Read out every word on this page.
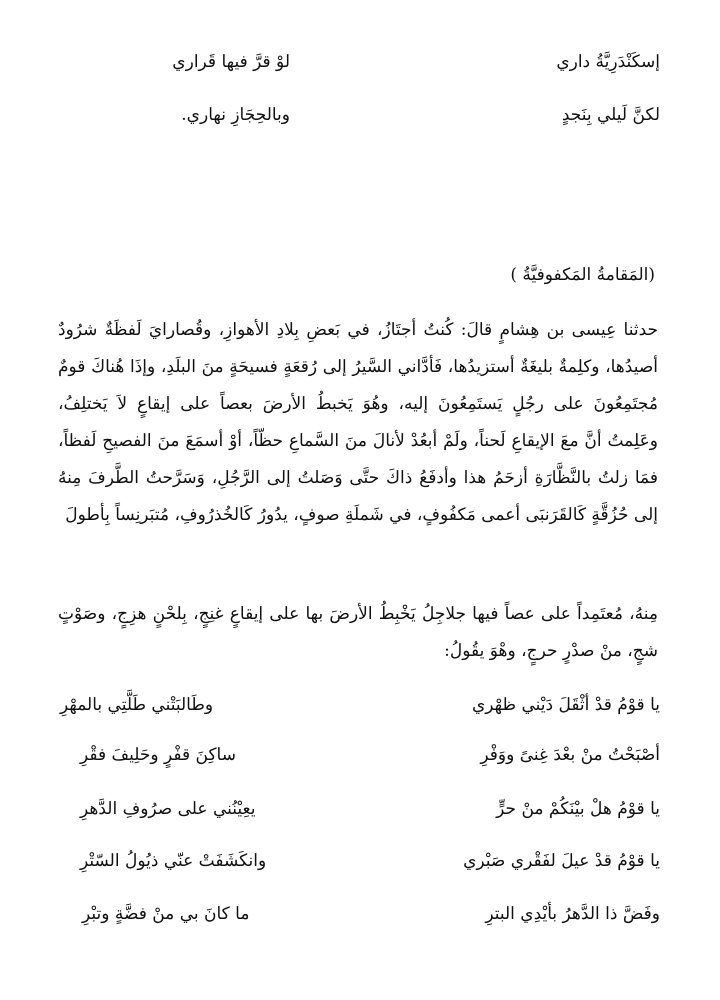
إسكَنْدَرِيَّةُ داري
لوْ قرَّ فيها قَراري
لكنَّ لَيلي بِنَجدٍ
وبالحِجَازِ نهاري.
(المَقامةُ المَكفوفيَّةُ )
حدثنا عِيسى بن هِشامٍ قالَ: كُنتُ أجتَازُ، في بَعضِ بِلادِ الأهوازِ، وقُصارايَ لَفظَةٌ شرُودٌ أصيدُها، وكلِمةٌ بليغَةٌ أستزيدُها، فَأدَّاني السَّيرُ إلى رُقعَةٍ فسيحَةٍ منَ البلَدِ، وإذَا هُناكَ قومٌ مُجتَمِعُونَ على رجُلٍ يَستَمِعُونَ إليه، وهُوَ يَخبطُ الأرضَ بعصاً على إيقاعٍ لاَ يَختلِفُ، وعَلِمتُ أنَّ معَ الإيقاعِ لَحناً، ولَمْ أبعُدْ لأنالَ منَ السَّماعِ حظّاً، أوْ أسمَعَ منَ الفصيحِ لَفظاً، فمَا زلتُ بالنَّظَّارَةِ أزحَمُ هذا وأدفَعُ ذاكَ حتَّى وَصَلتُ إلى الرَّجُلِ، وَسَرَّحتُ الطَّرفَ مِنهُ إلى حُزُقَّةٍ كَالقَرَنبَى أعمى مَكفُوفٍ، في شَملَةِ صوفٍ، يدُورُ كَالخُذرُوفِ، مُتبَرنِساً بِأطولَ
مِنهُ، مُعتَمِداً على عصاً فيها جلاجِلُ يَخْبِطُ الأرضَ بها على إيقاعٍ غنِجٍ، بِلحْنٍ هزِجٍ، وصَوْتٍ شجٍ، منْ صدْرٍ حرجٍ، وهْوَ يقُولُ:
يا قوْمُ قدْ أثْقَلَ دَيْني ظهْري
وطَالبَتْني طَلَّتِي بالمهْرِ
أصْبَحْتُ منْ بعْدَ غِنىً ووَفْرِ
ساكِنَ قفْرٍ وحَلِيفَ فقْرِ
يا قوْمُ هلْ بيْنَكُمْ منْ حرٍّ
يعِيْنُني على صرُوفِ الدَّهرِ
يا قوْمُ قدْ عيلَ لفَقْري صَبْري
وانكَشَفَتْ عنّي ذيُولُ السّتْرِ
وفَضَّ ذا الدَّهرُ بأيْدِي البترِ
ما كانَ بي منْ فضَّةٍ وتبْرِ
